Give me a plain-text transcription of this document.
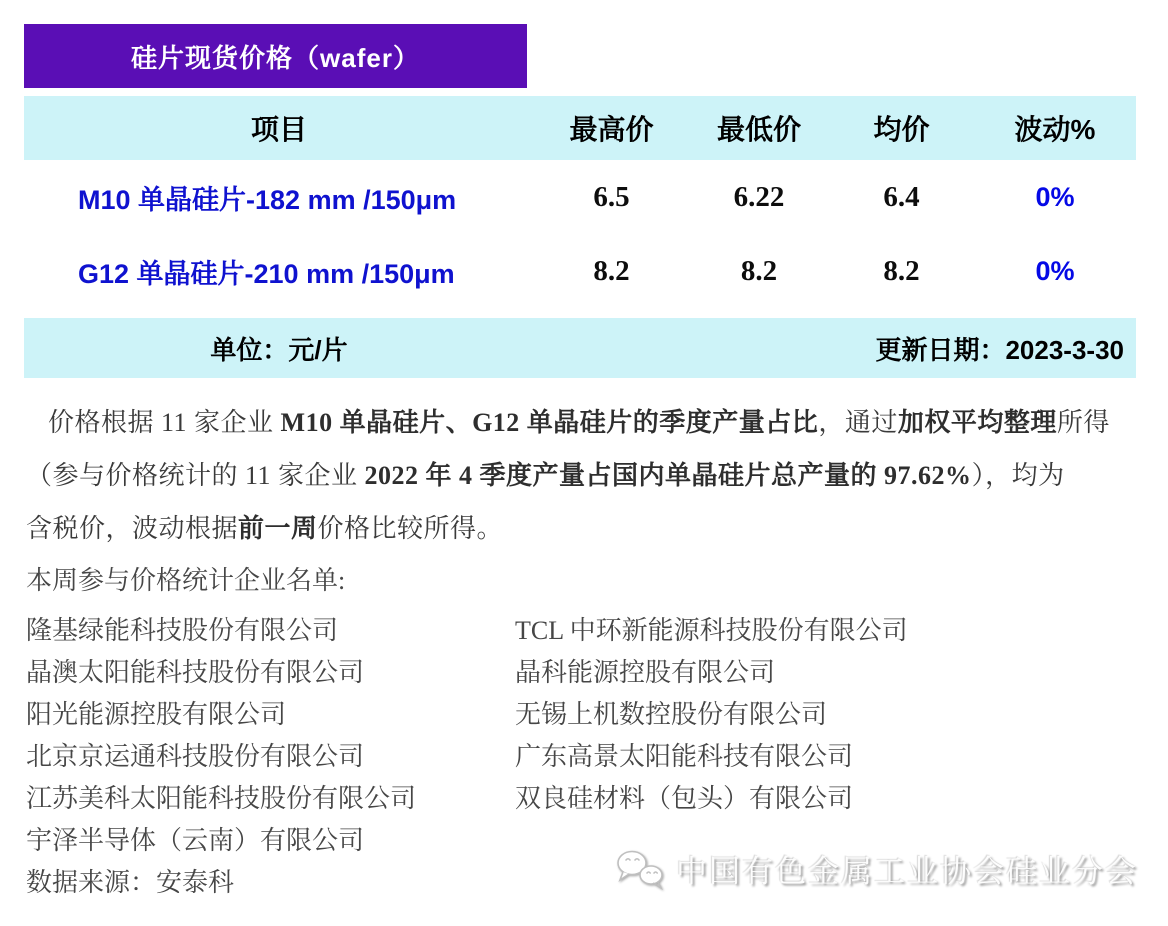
硅片现货价格（wafer）
项目	最高价	最低价	均价	波动%
M10 单晶硅片-182 mm /150μm	6.5	6.22	6.4	0%
G12 单晶硅片-210 mm /150μm	8.2	8.2	8.2	0%
单位：元/片	更新日期：2023-3-30
价格根据 11 家企业 M10 单晶硅片、G12 单晶硅片的季度产量占比，通过加权平均整理所得
（参与价格统计的 11 家企业 2022 年 4 季度产量占国内单晶硅片总产量的 97.62%），均为
含税价，波动根据前一周价格比较所得。
本周参与价格统计企业名单:
隆基绿能科技股份有限公司
晶澳太阳能科技股份有限公司
阳光能源控股有限公司
北京京运通科技股份有限公司
江苏美科太阳能科技股份有限公司
宇泽半导体（云南）有限公司
数据来源：安泰科
TCL 中环新能源科技股份有限公司
晶科能源控股有限公司
无锡上机数控股份有限公司
广东高景太阳能科技有限公司
双良硅材料（包头）有限公司
中国有色金属工业协会硅业分会
